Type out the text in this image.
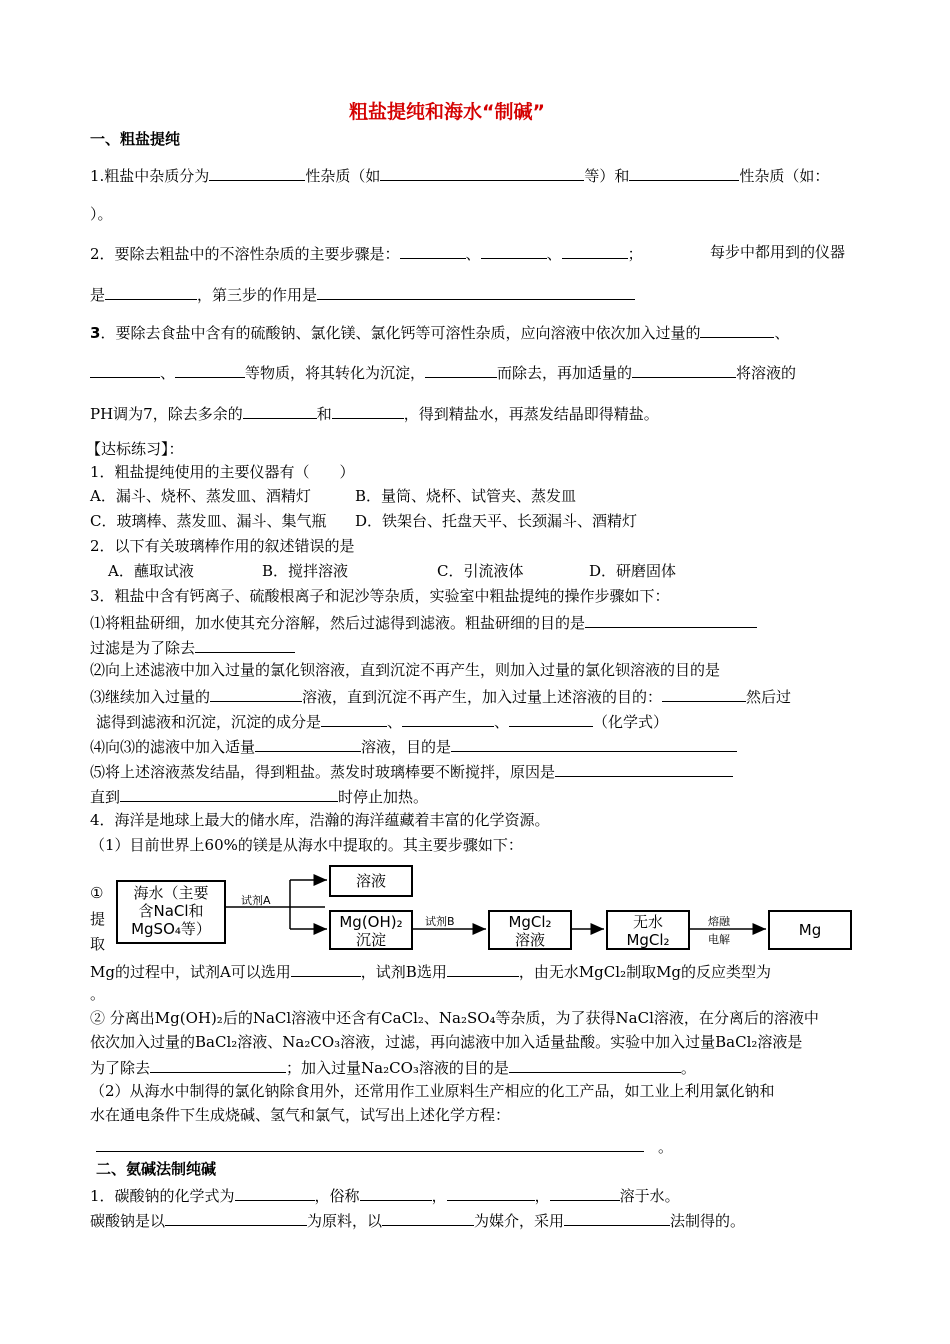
粗盐提纯和海水“制碱”
一、粗盐提纯
1.粗盐中杂质分为	性杂质（如	等）和	性杂质（如：
）。
2．要除去粗盐中的不溶性杂质的主要步骤是：	、	、	；	每步中都用到的仪器
是	，第三步的作用是
3．要除去食盐中含有的硫酸钠、氯化镁、氯化钙等可溶性杂质，应向溶液中依次加入过量的	、
、	等物质，将其转化为沉淀，	而除去，再加适量的	将溶液的
PH调为7，除去多余的	和	，得到精盐水，再蒸发结晶即得精盐。
【达标练习】：
1．粗盐提纯使用的主要仪器有（　　）
A．漏斗、烧杯、蒸发皿、酒精灯	B．量筒、烧杯、试管夹、蒸发皿
C．玻璃棒、蒸发皿、漏斗、集气瓶 D．铁架台、托盘天平、长颈漏斗、酒精灯
2．以下有关玻璃棒作用的叙述错误的是
A．蘸取试液	B．搅拌溶液	C．引流液体	D．研磨固体
3．粗盐中含有钙离子、硫酸根离子和泥沙等杂质，实验室中粗盐提纯的操作步骤如下：
⑴将粗盐研细，加水使其充分溶解，然后过滤得到滤液。粗盐研细的目的是
过滤是为了除去
⑵向上述滤液中加入过量的氯化钡溶液，直到沉淀不再产生，则加入过量的氯化钡溶液的目的是
⑶继续加入过量的	溶液，直到沉淀不再产生，加入过量上述溶液的目的：	然后过
滤得到滤液和沉淀，沉淀的成分是	、	、	（化学式）
⑷向⑶的滤液中加入适量	溶液，目的是
⑸将上述溶液蒸发结晶，得到粗盐。蒸发时玻璃棒要不断搅拌，原因是
直到	时停止加热。
4．海洋是地球上最大的储水库，浩瀚的海洋蕴藏着丰富的化学资源。
（1）目前世界上60%的镁是从海水中提取的。其主要步骤如下：
①
提
取
海水（主要
含NaCl和
MgSO₄等）
试剂A
溶液
Mg(OH)₂
沉淀
试剂B	MgCl₂
溶液
无水
MgCl₂
熔融
电解
Mg
Mg的过程中，试剂A可以选用	，试剂B选用	，由无水MgCl₂制取Mg的反应类型为
。
② 分离出Mg(OH)₂后的NaCl溶液中还含有CaCl₂、Na₂SO₄等杂质，为了获得NaCl溶液，在分离后的溶液中
依次加入过量的BaCl₂溶液、Na₂CO₃溶液，过滤，再向滤液中加入适量盐酸。实验中加入过量BaCl₂溶液是
为了除去	；加入过量Na₂CO₃溶液的目的是	。
（2）从海水中制得的氯化钠除食用外，还常用作工业原料生产相应的化工产品，如工业上利用氯化钠和
水在通电条件下生成烧碱、氢气和氯气，试写出上述化学方程：
。
二、氨碱法制纯碱
1．碳酸钠的化学式为	，俗称	，	，	溶于水。
碳酸钠是以	为原料，以	为媒介，采用	法制得的。
